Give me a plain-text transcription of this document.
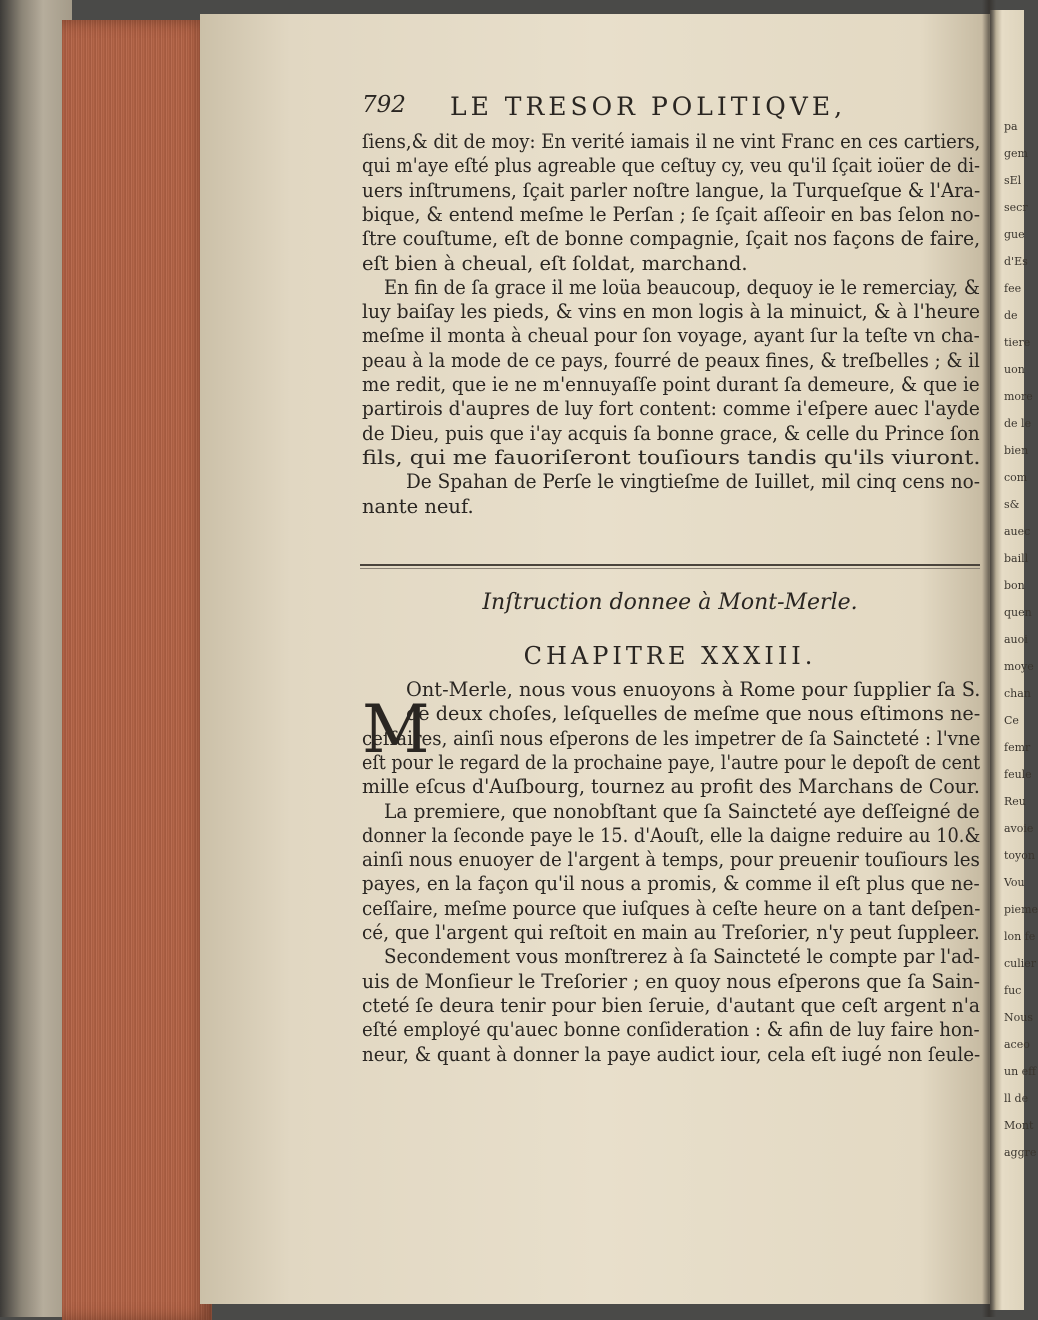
792 LE TRESOR POLITIQVE,
ſiens,& dit de moy: En verité iamais il ne vint Franc en ces cartiers,
qui m'aye eſté plus agreable que ceſtuy cy, veu qu'il ſçait ioüer de di-
uers inſtrumens, ſçait parler noſtre langue, la Turqueſque & l'Ara-
bique, & entend meſme le Perſan ; ſe ſçait aſſeoir en bas ſelon no-
ſtre couſtume, eſt de bonne compagnie, ſçait nos façons de faire,
eſt bien à cheual, eſt ſoldat, marchand.
En fin de ſa grace il me loüa beaucoup, dequoy ie le remerciay, &
luy baiſay les pieds, & vins en mon logis à la minuict, & à l'heure
meſme il monta à cheual pour ſon voyage, ayant ſur la teſte vn cha-
peau à la mode de ce pays, fourré de peaux fines, & treſbelles ; & il
me redit, que ie ne m'ennuyaſſe point durant ſa demeure, & que ie
partirois d'aupres de luy fort content: comme i'eſpere auec l'ayde
de Dieu, puis que i'ay acquis ſa bonne grace, & celle du Prince ſon
fils, qui me fauoriſeront touſiours tandis qu'ils viuront.
De Spahan de Perſe le vingtieſme de Iuillet, mil cinq cens no-
nante neuf.
Inſtruction donnee à Mont-Merle.
CHAPITRE XXXIII.
M
Ont-Merle, nous vous enuoyons à Rome pour ſupplier ſa S.
de deux choſes, leſquelles de meſme que nous eſtimons ne-
ceſſaires, ainſi nous eſperons de les impetrer de ſa Saincteté : l'vne
eſt pour le regard de la prochaine paye, l'autre pour le depoſt de cent
mille eſcus d'Auſbourg, tournez au profit des Marchans de Cour.
La premiere, que nonobſtant que ſa Saincteté aye deſſeigné de
donner la ſeconde paye le 15. d'Aouſt, elle la daigne reduire au 10.&
ainſi nous enuoyer de l'argent à temps, pour preuenir touſiours les
payes, en la façon qu'il nous a promis, & comme il eſt plus que ne-
ceſſaire, meſme pource que iuſques à ceſte heure on a tant deſpen-
cé, que l'argent qui reſtoit en main au Treſorier, n'y peut ſuppleer.
Secondement vous monſtrerez à ſa Saincteté le compte par l'ad-
uis de Monſieur le Treſorier ; en quoy nous eſperons que ſa Sain-
cteté ſe deura tenir pour bien ſeruie, d'autant que ceſt argent n'a
eſté employé qu'auec bonne conſideration : & afin de luy faire hon-
neur, & quant à donner la paye audict iour, cela eſt iugé non ſeule-
pa
gem
sEl
secr
gue
d'Es
fee
de
tiere
uon
more
de le
bien
com
s&
auec
baill
bon
quen
auoi
moye
chan
Ce
femr
feule
Reu
avoie
toyon
Vou
pieme
lon fe
culier
fuc
Nous
aceo
un eff
ll de
Mont
aggre
